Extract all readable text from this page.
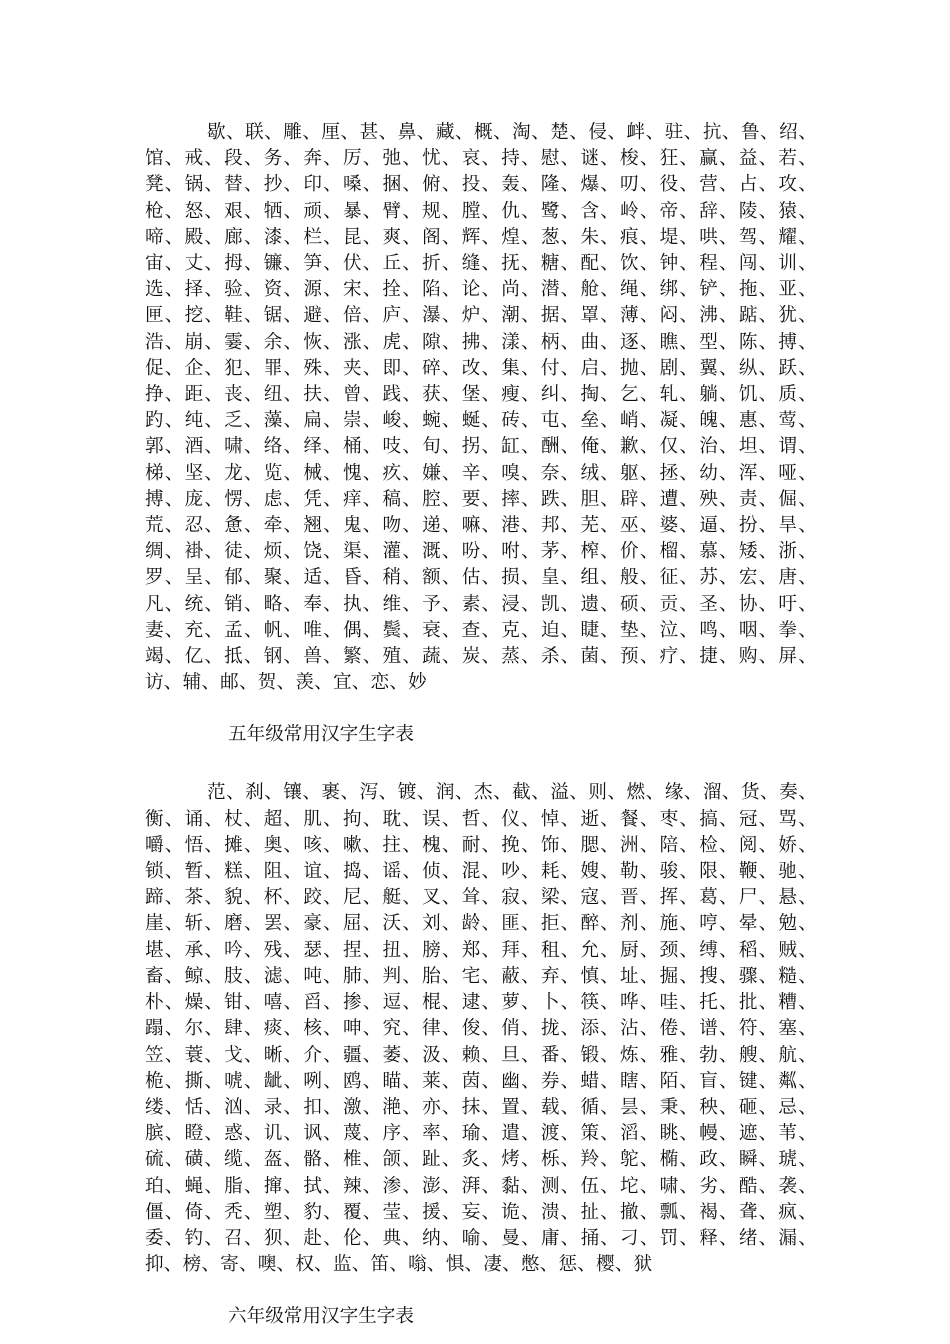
歇、联、雕、厘、甚、鼻、藏、概、淘、楚、侵、衅、驻、抗、鲁、绍、馆、戒、段、务、奔、厉、弛、忧、哀、持、慰、谜、梭、狂、赢、益、若、凳、锅、替、抄、印、嗓、捆、俯、投、轰、隆、爆、叨、役、营、占、攻、枪、怒、艰、牺、顽、暴、臂、规、膛、仇、鹭、含、岭、帝、辞、陵、猿、啼、殿、廊、漆、栏、昆、爽、阁、辉、煌、葱、朱、痕、堤、哄、驾、耀、宙、丈、拇、镰、笋、伏、丘、折、缝、抚、糖、配、饮、钟、程、闯、训、选、择、验、资、源、宋、拴、陷、论、尚、潜、舱、绳、绑、铲、拖、亚、匣、挖、鞋、锯、避、倍、庐、瀑、炉、潮、据、罩、薄、闷、沸、踮、犹、浩、崩、霎、余、恢、涨、虎、隙、拂、漾、柄、曲、逐、瞧、型、陈、搏、促、企、犯、罪、殊、夹、即、碎、改、集、付、启、抛、剧、翼、纵、跃、挣、距、丧、纽、扶、曾、践、获、堡、瘦、纠、掏、乞、轧、躺、饥、质、趵、纯、乏、藻、扁、崇、峻、蜿、蜒、砖、屯、垒、峭、凝、魄、惠、莺、郭、酒、啸、络、绎、桶、吱、旬、拐、缸、酬、俺、歉、仅、治、坦、谓、梯、坚、龙、览、械、愧、疚、嫌、辛、嗅、奈、绒、躯、拯、幼、浑、哑、搏、庞、愣、虑、凭、痒、稿、腔、要、摔、跌、胆、辟、遭、殃、责、倔、荒、忍、惫、牵、翘、鬼、吻、递、嘛、港、邦、芜、巫、婆、逼、扮、旱、绸、褂、徒、烦、饶、渠、灌、溉、吩、咐、茅、榨、价、榴、慕、矮、浙、罗、呈、郁、聚、适、昏、稍、额、估、损、皇、组、般、征、苏、宏、唐、凡、统、销、略、奉、执、维、予、素、浸、凯、遗、硕、贡、圣、协、吁、妻、充、孟、帆、唯、偶、鬓、衰、查、克、迫、睫、垫、泣、鸣、咽、拳、竭、亿、抵、钢、兽、繁、殖、蔬、炭、蒸、杀、菌、预、疗、捷、购、屏、访、辅、邮、贺、羡、宜、恋、妙

五年级常用汉字生字表

范、刹、镶、裹、泻、镀、润、杰、截、溢、则、燃、缘、溜、货、奏、衡、诵、杖、超、肌、拘、耽、误、哲、仪、悼、逝、餐、枣、搞、冠、骂、嚼、悟、摊、奥、咳、嗽、拄、槐、耐、挽、饰、腮、洲、陪、检、阅、娇、锁、暂、糕、阻、谊、捣、谣、侦、混、吵、耗、嫂、勒、骏、限、鞭、驰、蹄、茶、貌、杯、跤、尼、艇、叉、耸、寂、梁、寇、晋、挥、葛、尸、悬、崖、斩、磨、罢、豪、屈、沃、刘、龄、匪、拒、醉、剂、施、哼、晕、勉、堪、承、吟、残、瑟、捏、扭、膀、郑、拜、租、允、厨、颈、缚、稻、贼、畜、鲸、肢、滤、吨、肺、判、胎、宅、蔽、弃、慎、址、掘、搜、骤、糙、朴、燥、钳、嘻、舀、掺、逗、棍、逮、萝、卜、筷、哗、哇、托、批、糟、蹋、尔、肆、痰、核、呻、究、律、俊、俏、拢、添、沾、倦、谱、符、塞、笠、蓑、戈、晰、介、疆、萎、汲、赖、旦、番、锻、炼、雅、勃、艘、航、桅、撕、唬、龇、咧、鸥、瞄、莱、茵、幽、券、蜡、瞎、陌、盲、键、粼、缕、恬、汹、录、扣、激、滟、亦、抹、置、载、循、昙、秉、秧、砸、忌、膑、瞪、惑、讥、讽、蔑、序、率、瑜、遣、渡、策、滔、眺、幔、遮、苇、硫、磺、缆、盔、骼、椎、颌、趾、炙、烤、栎、羚、鸵、椭、政、瞬、琥、珀、蝇、脂、撺、拭、辣、渗、澎、湃、黏、测、伍、坨、啸、劣、酷、袭、僵、倚、秃、塑、豹、覆、莹、援、妄、诡、溃、扯、撤、瓢、褐、聋、疯、委、钓、召、狈、赴、伦、典、纳、喻、曼、庸、捅、刁、罚、释、绪、漏、抑、榜、寄、噢、权、监、笛、嗡、惧、凄、憋、惩、樱、狱

六年级常用汉字生字表
